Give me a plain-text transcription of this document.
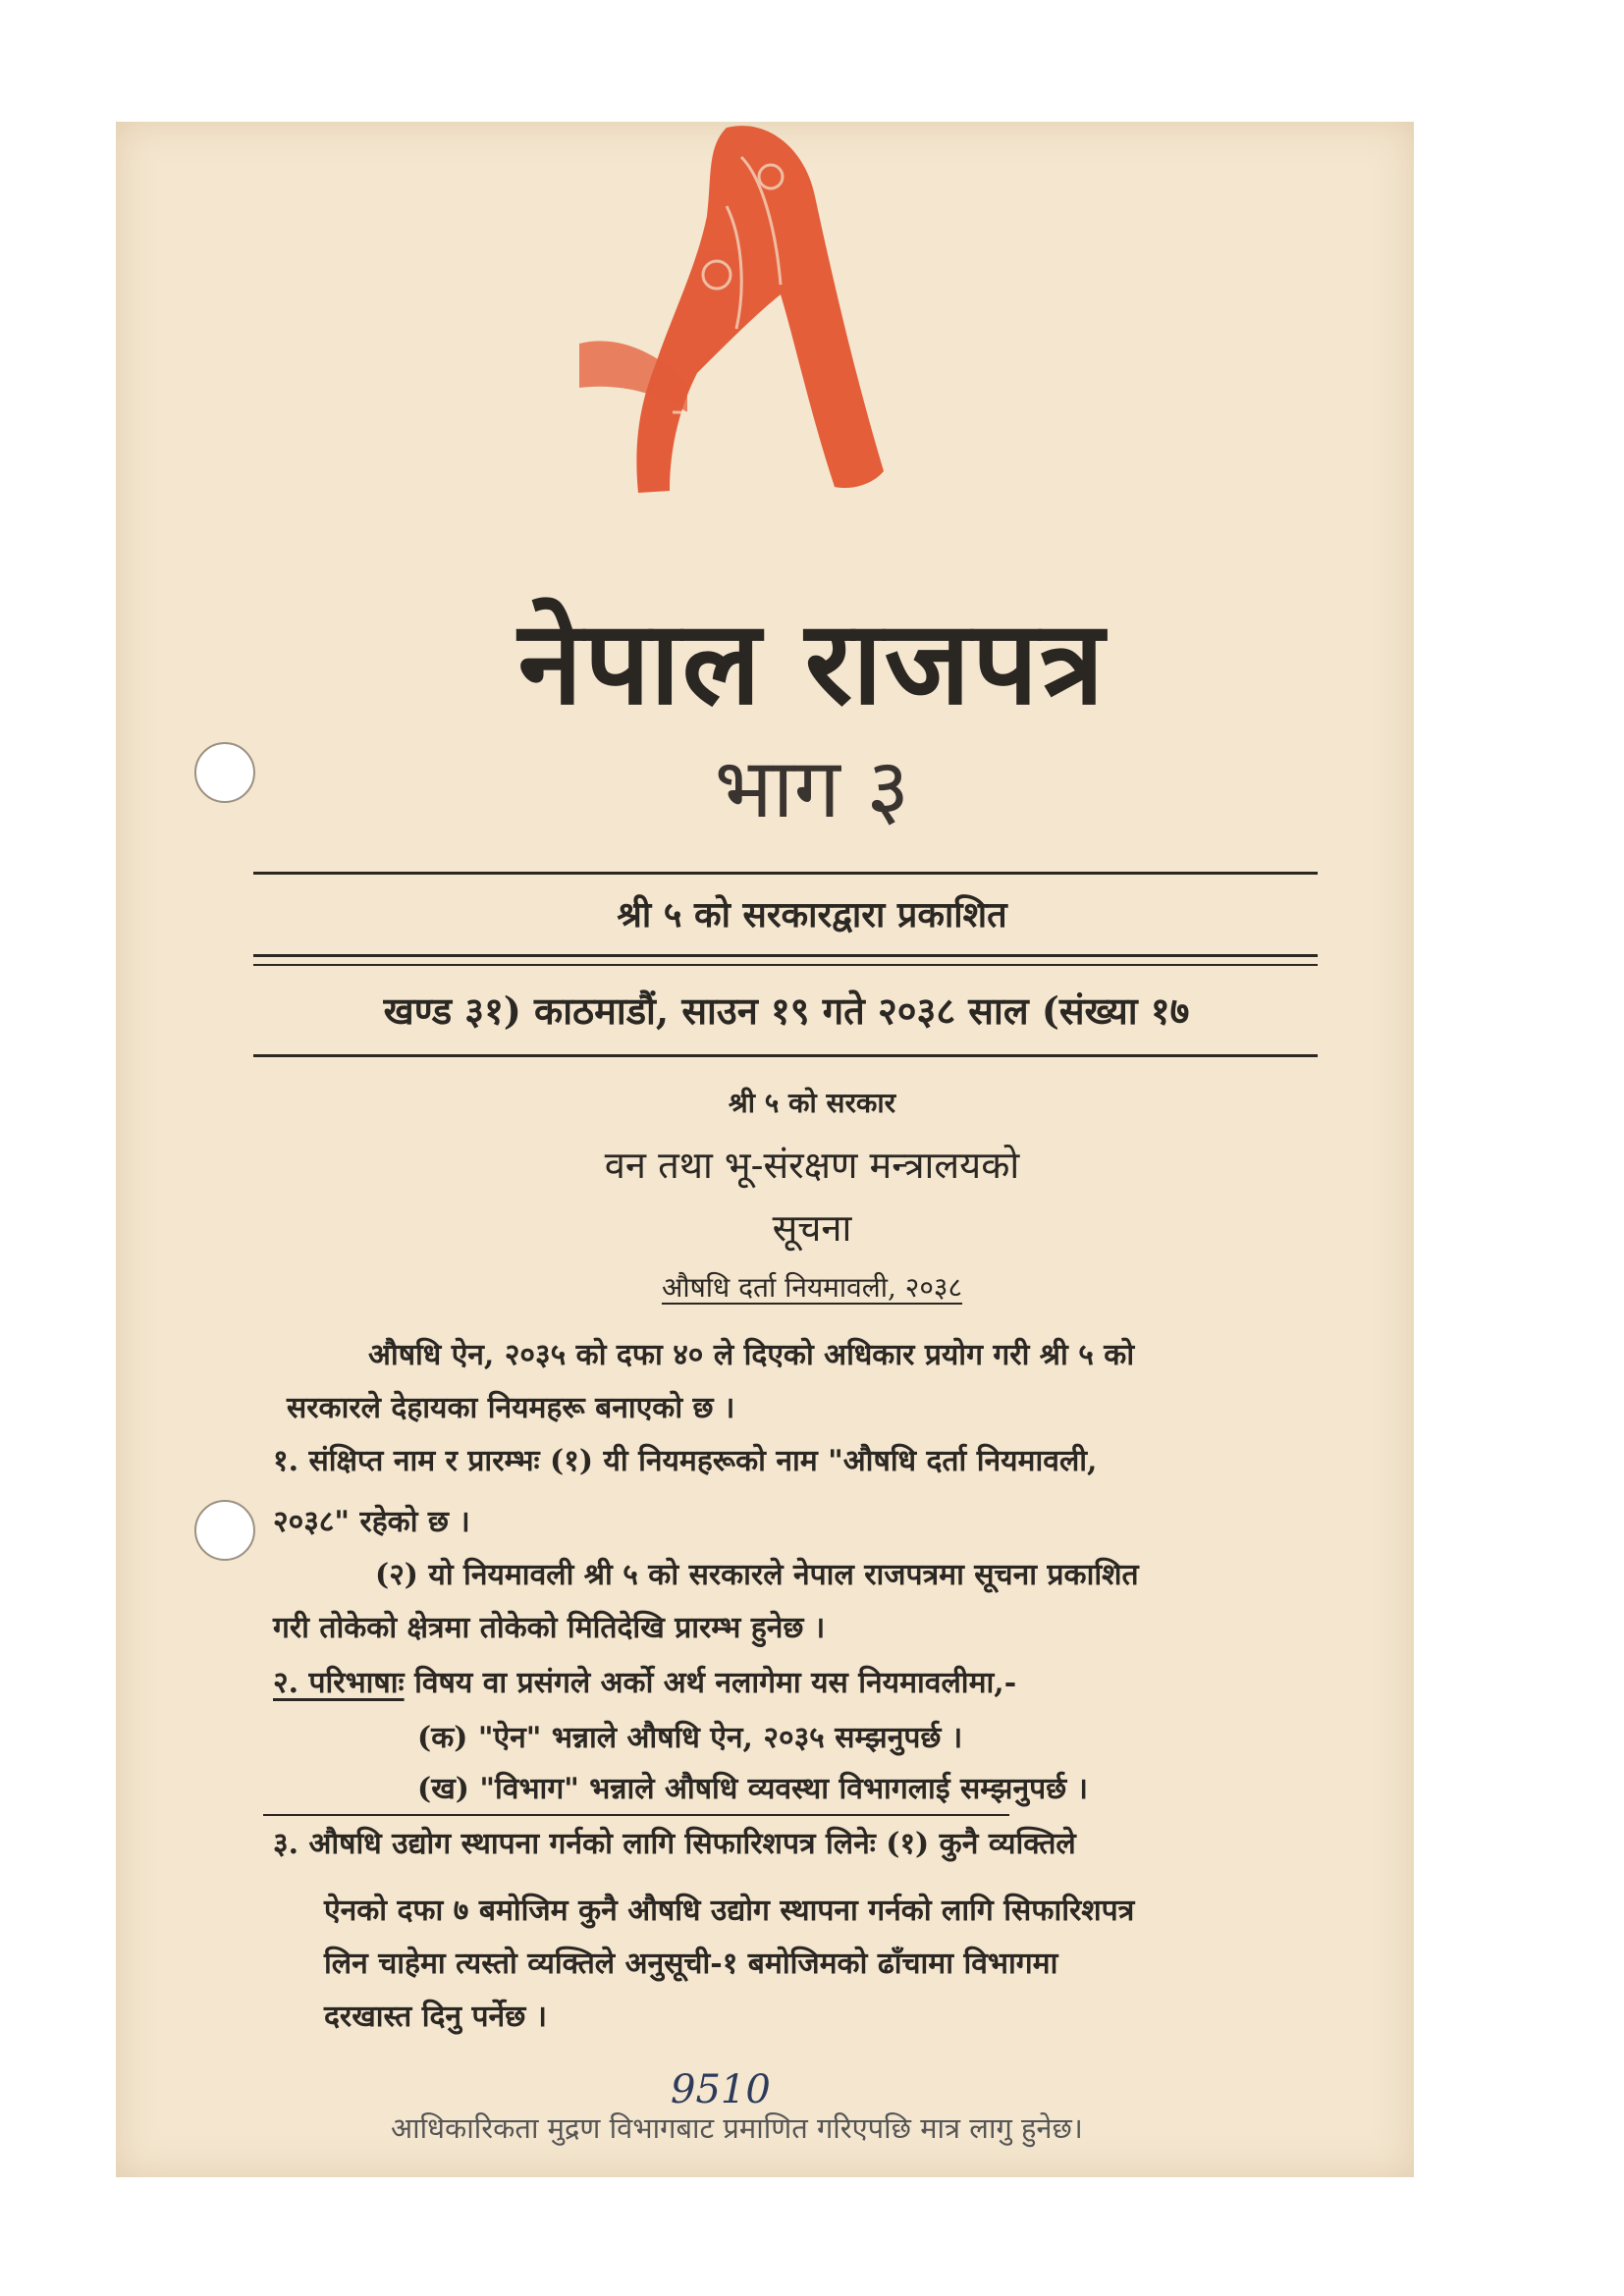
नेपाल राजपत्र
भाग ३
श्री ५ को सरकारद्वारा प्रकाशित
खण्ड ३१) काठमाडौं, साउन १९ गते २०३८ साल (संख्या १७
श्री ५ को सरकार
वन तथा भू-संरक्षण मन्त्रालयको
सूचना
औषधि दर्ता नियमावली, २०३८
औषधि ऐन, २०३५ को दफा ४० ले दिएको अधिकार प्रयोग गरी श्री ५ को
सरकारले देहायका नियमहरू बनाएको छ ।
१. संक्षिप्त नाम र प्रारम्भः (१) यी नियमहरूको नाम "औषधि दर्ता नियमावली,
२०३८" रहेको छ ।
(२) यो नियमावली श्री ५ को सरकारले नेपाल राजपत्रमा सूचना प्रकाशित
गरी तोकेको क्षेत्रमा तोकेको मितिदेखि प्रारम्भ हुनेछ ।
२. परिभाषाः विषय वा प्रसंगले अर्को अर्थ नलागेमा यस नियमावलीमा,-
(क) "ऐन" भन्नाले औषधि ऐन, २०३५ सम्झनुपर्छ ।
(ख) "विभाग" भन्नाले औषधि व्यवस्था विभागलाई सम्झनुपर्छ ।
३. औषधि उद्योग स्थापना गर्नको लागि सिफारिशपत्र लिनेः (१) कुनै व्यक्तिले
ऐनको दफा ७ बमोजिम कुनै औषधि उद्योग स्थापना गर्नको लागि सिफारिशपत्र
लिन चाहेमा त्यस्तो व्यक्तिले अनुसूची-१ बमोजिमको ढाँचामा विभागमा
दरखास्त दिनु पर्नेछ ।
9510
आधिकारिकता मुद्रण विभागबाट प्रमाणित गरिएपछि मात्र लागु हुनेछ।
